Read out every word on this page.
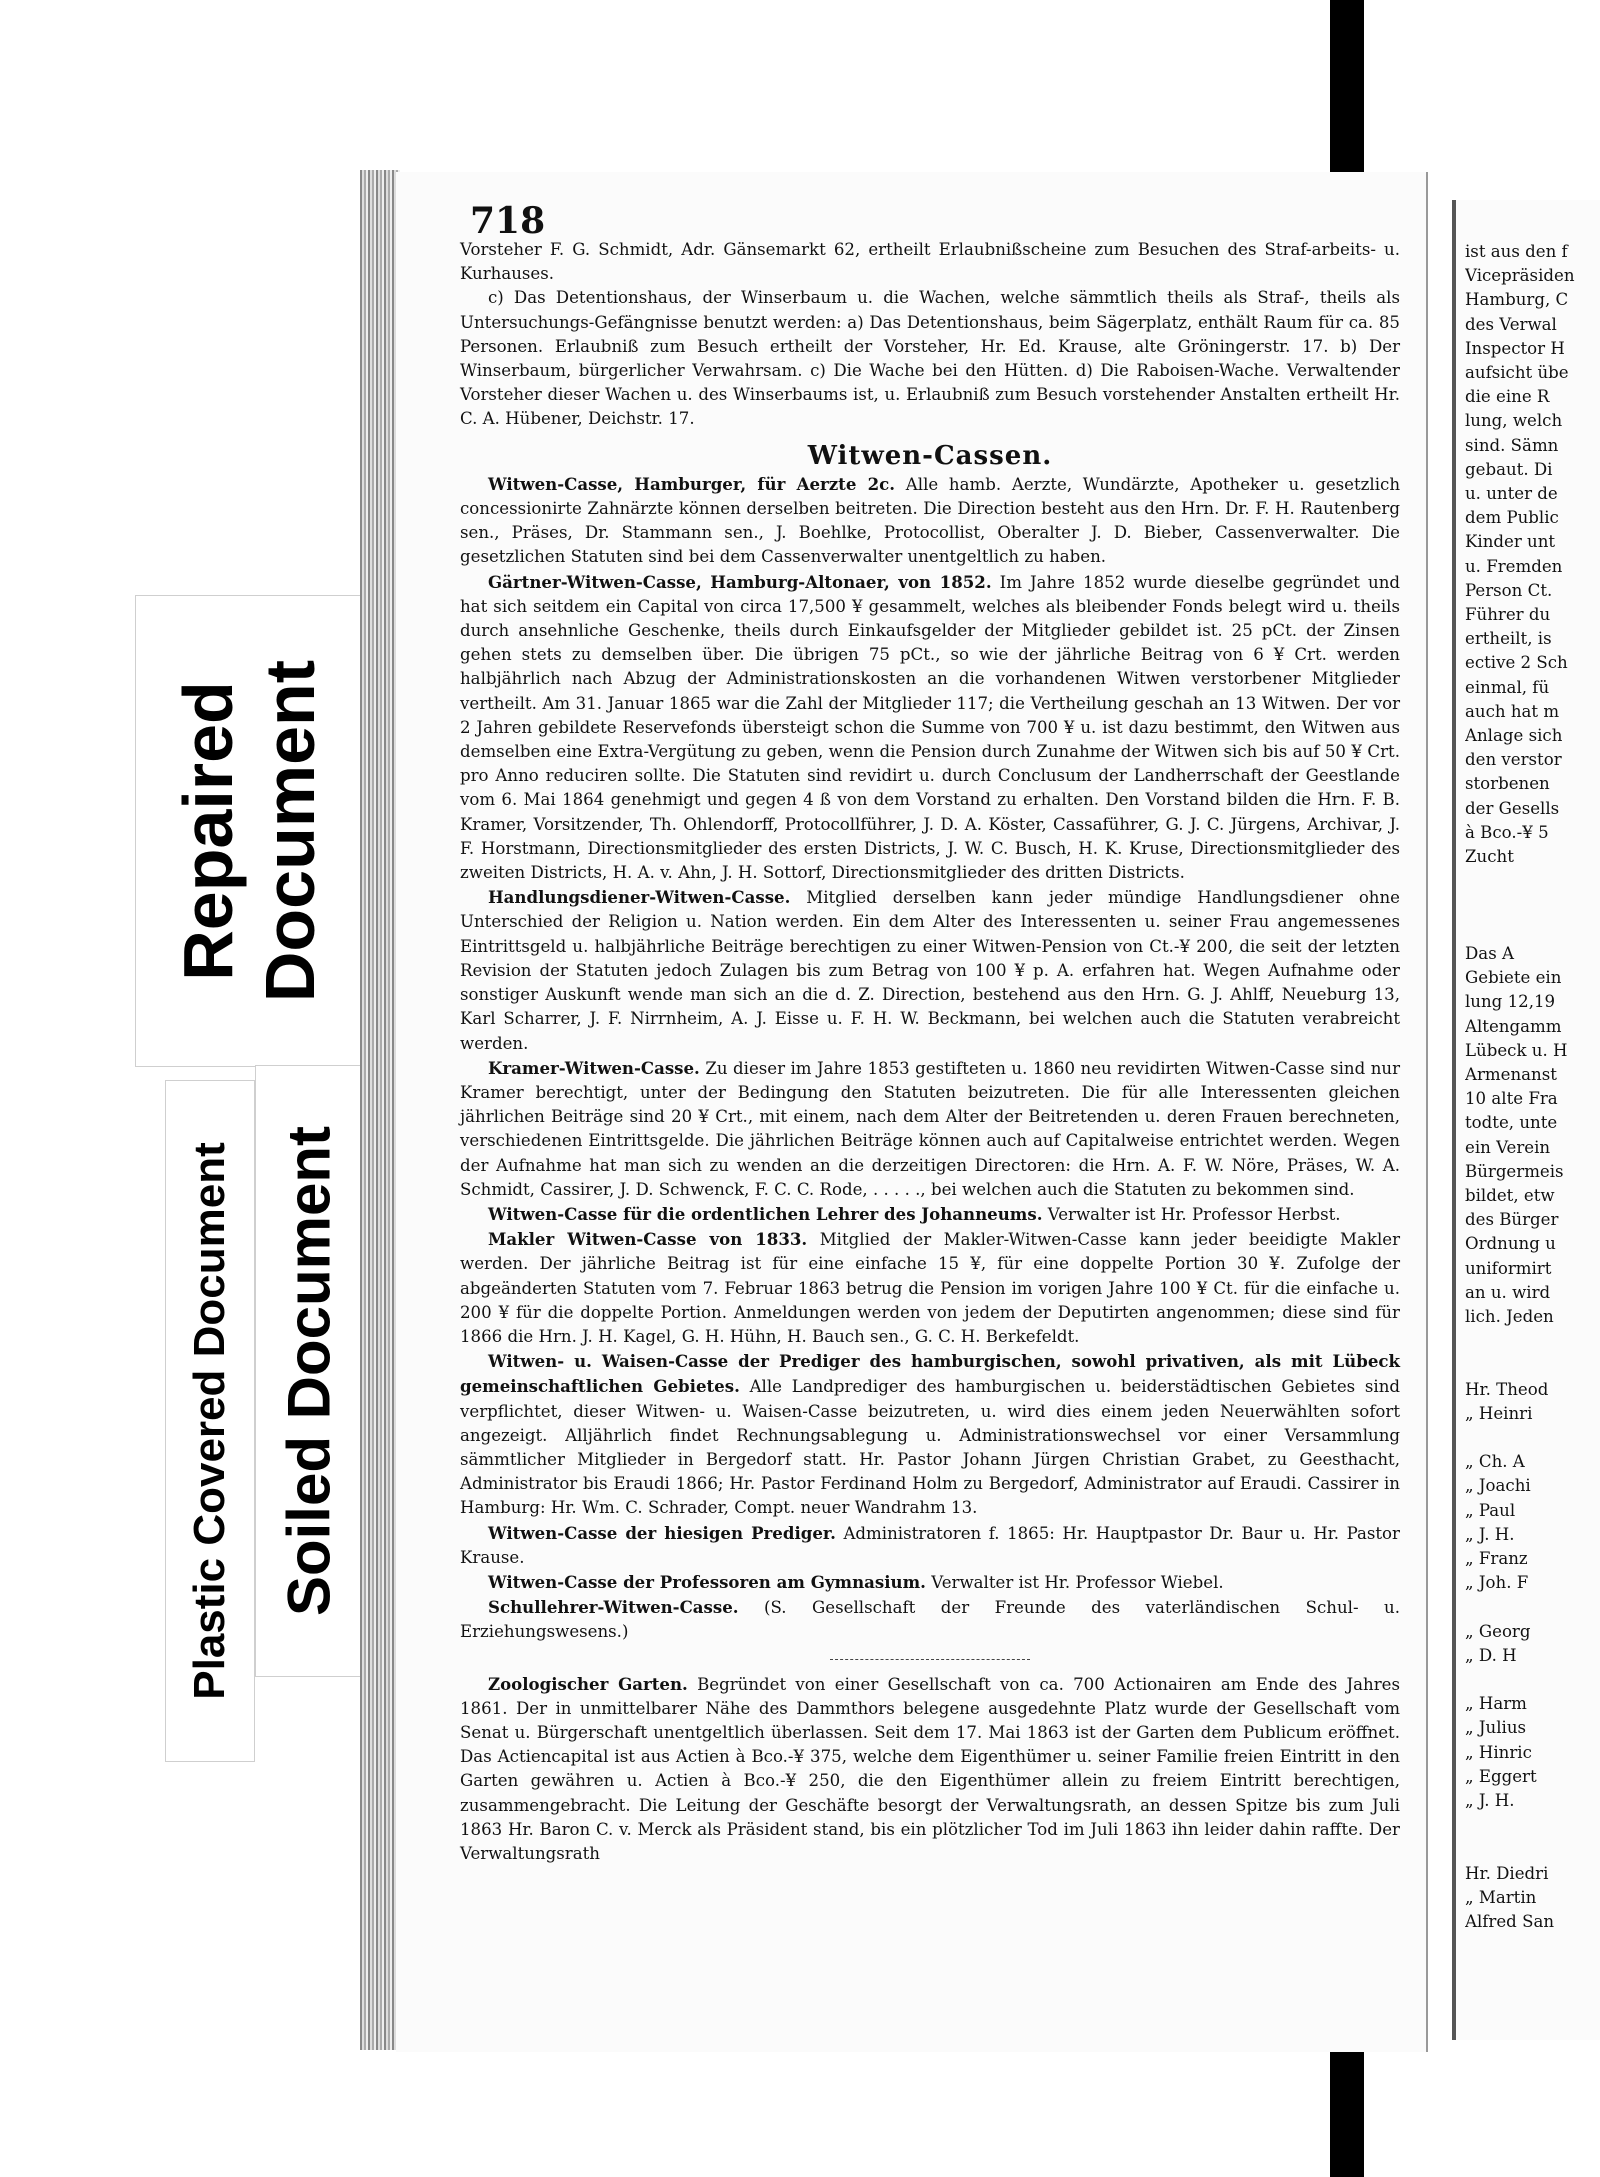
Repaired Document
Soiled Document
Plastic Covered Document
718

Vorsteher F. G. Schmidt, Adr. Gänsemarkt 62, ertheilt Erlaubnißscheine zum Besuchen des Straf-arbeits- u. Kurhauses.

c) Das Detentionshaus, der Winserbaum u. die Wachen, welche sämmtlich theils als Straf-, theils als Untersuchungs-Gefängnisse benutzt werden: a) Das Detentionshaus, beim Sägerplatz, enthält Raum für ca. 85 Personen. Erlaubniß zum Besuch ertheilt der Vorsteher, Hr. Ed. Krause, alte Gröningerstr. 17. b) Der Winserbaum, bürgerlicher Verwahrsam. c) Die Wache bei den Hütten. d) Die Raboisen-Wache. Verwaltender Vorsteher dieser Wachen u. des Winserbaums ist, u. Erlaubniß zum Besuch vorstehender Anstalten ertheilt Hr. C. A. Hübener, Deichstr. 17.

Witwen-Cassen.

Witwen-Casse, Hamburger, für Aerzte 2c. Alle hamb. Aerzte, Wundärzte, Apotheker u. gesetzlich concessionirte Zahnärzte können derselben beitreten. Die Direction besteht aus den Hrn. Dr. F. H. Rautenberg sen., Präses, Dr. Stammann sen., J. Boehlke, Protocollist, Oberalter J. D. Bieber, Cassenverwalter. Die gesetzlichen Statuten sind bei dem Cassenverwalter unentgeltlich zu haben.

Gärtner-Witwen-Casse, Hamburg-Altonaer, von 1852. Im Jahre 1852 wurde dieselbe gegründet und hat sich seitdem ein Capital von circa 17,500 ¥ gesammelt, welches als bleibender Fonds belegt wird u. theils durch ansehnliche Geschenke, theils durch Einkaufsgelder der Mitglieder gebildet ist. 25 pCt. der Zinsen gehen stets zu demselben über. Die übrigen 75 pCt., so wie der jährliche Beitrag von 6 ¥ Crt. werden halbjährlich nach Abzug der Administrationskosten an die vorhandenen Witwen verstorbener Mitglieder vertheilt. Am 31. Januar 1865 war die Zahl der Mitglieder 117; die Vertheilung geschah an 13 Witwen. Der vor 2 Jahren gebildete Reservefonds übersteigt schon die Summe von 700 ¥ u. ist dazu bestimmt, den Witwen aus demselben eine Extra-Vergütung zu geben, wenn die Pension durch Zunahme der Witwen sich bis auf 50 ¥ Crt. pro Anno reduciren sollte. Die Statuten sind revidirt u. durch Conclusum der Landherrschaft der Geestlande vom 6. Mai 1864 genehmigt und gegen 4 ß von dem Vorstand zu erhalten. Den Vorstand bilden die Hrn. F. B. Kramer, Vorsitzender, Th. Ohlendorff, Protocollführer, J. D. A. Köster, Cassaführer, G. J. C. Jürgens, Archivar, J. F. Horstmann, Directionsmitglieder des ersten Districts, J. W. C. Busch, H. K. Kruse, Directionsmitglieder des zweiten Districts, H. A. v. Ahn, J. H. Sottorf, Directionsmitglieder des dritten Districts.

Handlungsdiener-Witwen-Casse. Mitglied derselben kann jeder mündige Handlungsdiener ohne Unterschied der Religion u. Nation werden. Ein dem Alter des Interessenten u. seiner Frau angemessenes Eintrittsgeld u. halbjährliche Beiträge berechtigen zu einer Witwen-Pension von Ct.-¥ 200, die seit der letzten Revision der Statuten jedoch Zulagen bis zum Betrag von 100 ¥ p. A. erfahren hat. Wegen Aufnahme oder sonstiger Auskunft wende man sich an die d. Z. Direction, bestehend aus den Hrn. G. J. Ahlff, Neueburg 13, Karl Scharrer, J. F. Nirrnheim, A. J. Eisse u. F. H. W. Beckmann, bei welchen auch die Statuten verabreicht werden.

Kramer-Witwen-Casse. Zu dieser im Jahre 1853 gestifteten u. 1860 neu revidirten Witwen-Casse sind nur Kramer berechtigt, unter der Bedingung den Statuten beizutreten. Die für alle Interessenten gleichen jährlichen Beiträge sind 20 ¥ Crt., mit einem, nach dem Alter der Beitretenden u. deren Frauen berechneten, verschiedenen Eintrittsgelde. Die jährlichen Beiträge können auch auf Capitalweise entrichtet werden. Wegen der Aufnahme hat man sich zu wenden an die derzeitigen Directoren: die Hrn. A. F. W. Nöre, Präses, W. A. Schmidt, Cassirer, J. D. Schwenck, F. C. C. Rode, . . . . ., bei welchen auch die Statuten zu bekommen sind.

Witwen-Casse für die ordentlichen Lehrer des Johanneums. Verwalter ist Hr. Professor Herbst.

Makler Witwen-Casse von 1833. Mitglied der Makler-Witwen-Casse kann jeder beeidigte Makler werden. Der jährliche Beitrag ist für eine einfache 15 ¥, für eine doppelte Portion 30 ¥. Zufolge der abgeänderten Statuten vom 7. Februar 1863 betrug die Pension im vorigen Jahre 100 ¥ Ct. für die einfache u. 200 ¥ für die doppelte Portion. Anmeldungen werden von jedem der Deputirten angenommen; diese sind für 1866 die Hrn. J. H. Kagel, G. H. Hühn, H. Bauch sen., G. C. H. Berkefeldt.

Witwen- u. Waisen-Casse der Prediger des hamburgischen, sowohl privativen, als mit Lübeck gemeinschaftlichen Gebietes. Alle Landprediger des hamburgischen u. beiderstädtischen Gebietes sind verpflichtet, dieser Witwen- u. Waisen-Casse beizutreten, u. wird dies einem jeden Neuerwählten sofort angezeigt. Alljährlich findet Rechnungsablegung u. Administrationswechsel vor einer Versammlung sämmtlicher Mitglieder in Bergedorf statt. Hr. Pastor Johann Jürgen Christian Grabet, zu Geesthacht, Administrator bis Eraudi 1866; Hr. Pastor Ferdinand Holm zu Bergedorf, Administrator auf Eraudi. Cassirer in Hamburg: Hr. Wm. C. Schrader, Compt. neuer Wandrahm 13.

Witwen-Casse der hiesigen Prediger. Administratoren f. 1865: Hr. Hauptpastor Dr. Baur u. Hr. Pastor Krause.

Witwen-Casse der Professoren am Gymnasium. Verwalter ist Hr. Professor Wiebel.

Schullehrer-Witwen-Casse. (S. Gesellschaft der Freunde des vaterländischen Schul- u. Erziehungswesens.)

Zoologischer Garten. Begründet von einer Gesellschaft von ca. 700 Actionairen am Ende des Jahres 1861. Der in unmittelbarer Nähe des Dammthors belegene ausgedehnte Platz wurde der Gesellschaft vom Senat u. Bürgerschaft unentgeltlich überlassen. Seit dem 17. Mai 1863 ist der Garten dem Publicum eröffnet. Das Actiencapital ist aus Actien à Bco.-¥ 375, welche dem Eigenthümer u. seiner Familie freien Eintritt in den Garten gewähren u. Actien à Bco.-¥ 250, die den Eigenthümer allein zu freiem Eintritt berechtigen, zusammengebracht. Die Leitung der Geschäfte besorgt der Verwaltungsrath, an dessen Spitze bis zum Juli 1863 Hr. Baron C. v. Merck als Präsident stand, bis ein plötzlicher Tod im Juli 1863 ihn leider dahin raffte. Der Verwaltungsrath

ist aus den f
Vicepräsiden
Hamburg, C
des Verwal
Inspector H
aufsicht übe
die eine R
lung, welch
sind. Sämn
gebaut. Di
u. unter de
dem Public
Kinder unt
u. Fremden
Person Ct.
Führer du
ertheilt, is
ective 2 Sch
einmal, fü
auch hat m
Anlage sich
den verstor
storbenen
der Gesells
à Bco.-¥ 5
Zucht

Das A
Gebiete ein
lung 12,19
Altengamm
Lübeck u. H
Armenanst
10 alte Fra
todte, unte
ein Verein
Bürgermeis
bildet, etw
des Bürger
Ordnung u
uniformirt
an u. wird
lich. Jeden

Hr. Theod
„ Heinri

„ Ch. A
„ Joachi
„ Paul
„ J. H.
„ Franz
„ Joh. F

„ Georg
„ D. H

„ Harm
„ Julius
„ Hinric
„ Eggert
„ J. H.

Hr. Diedri
„ Martin
Alfred San
